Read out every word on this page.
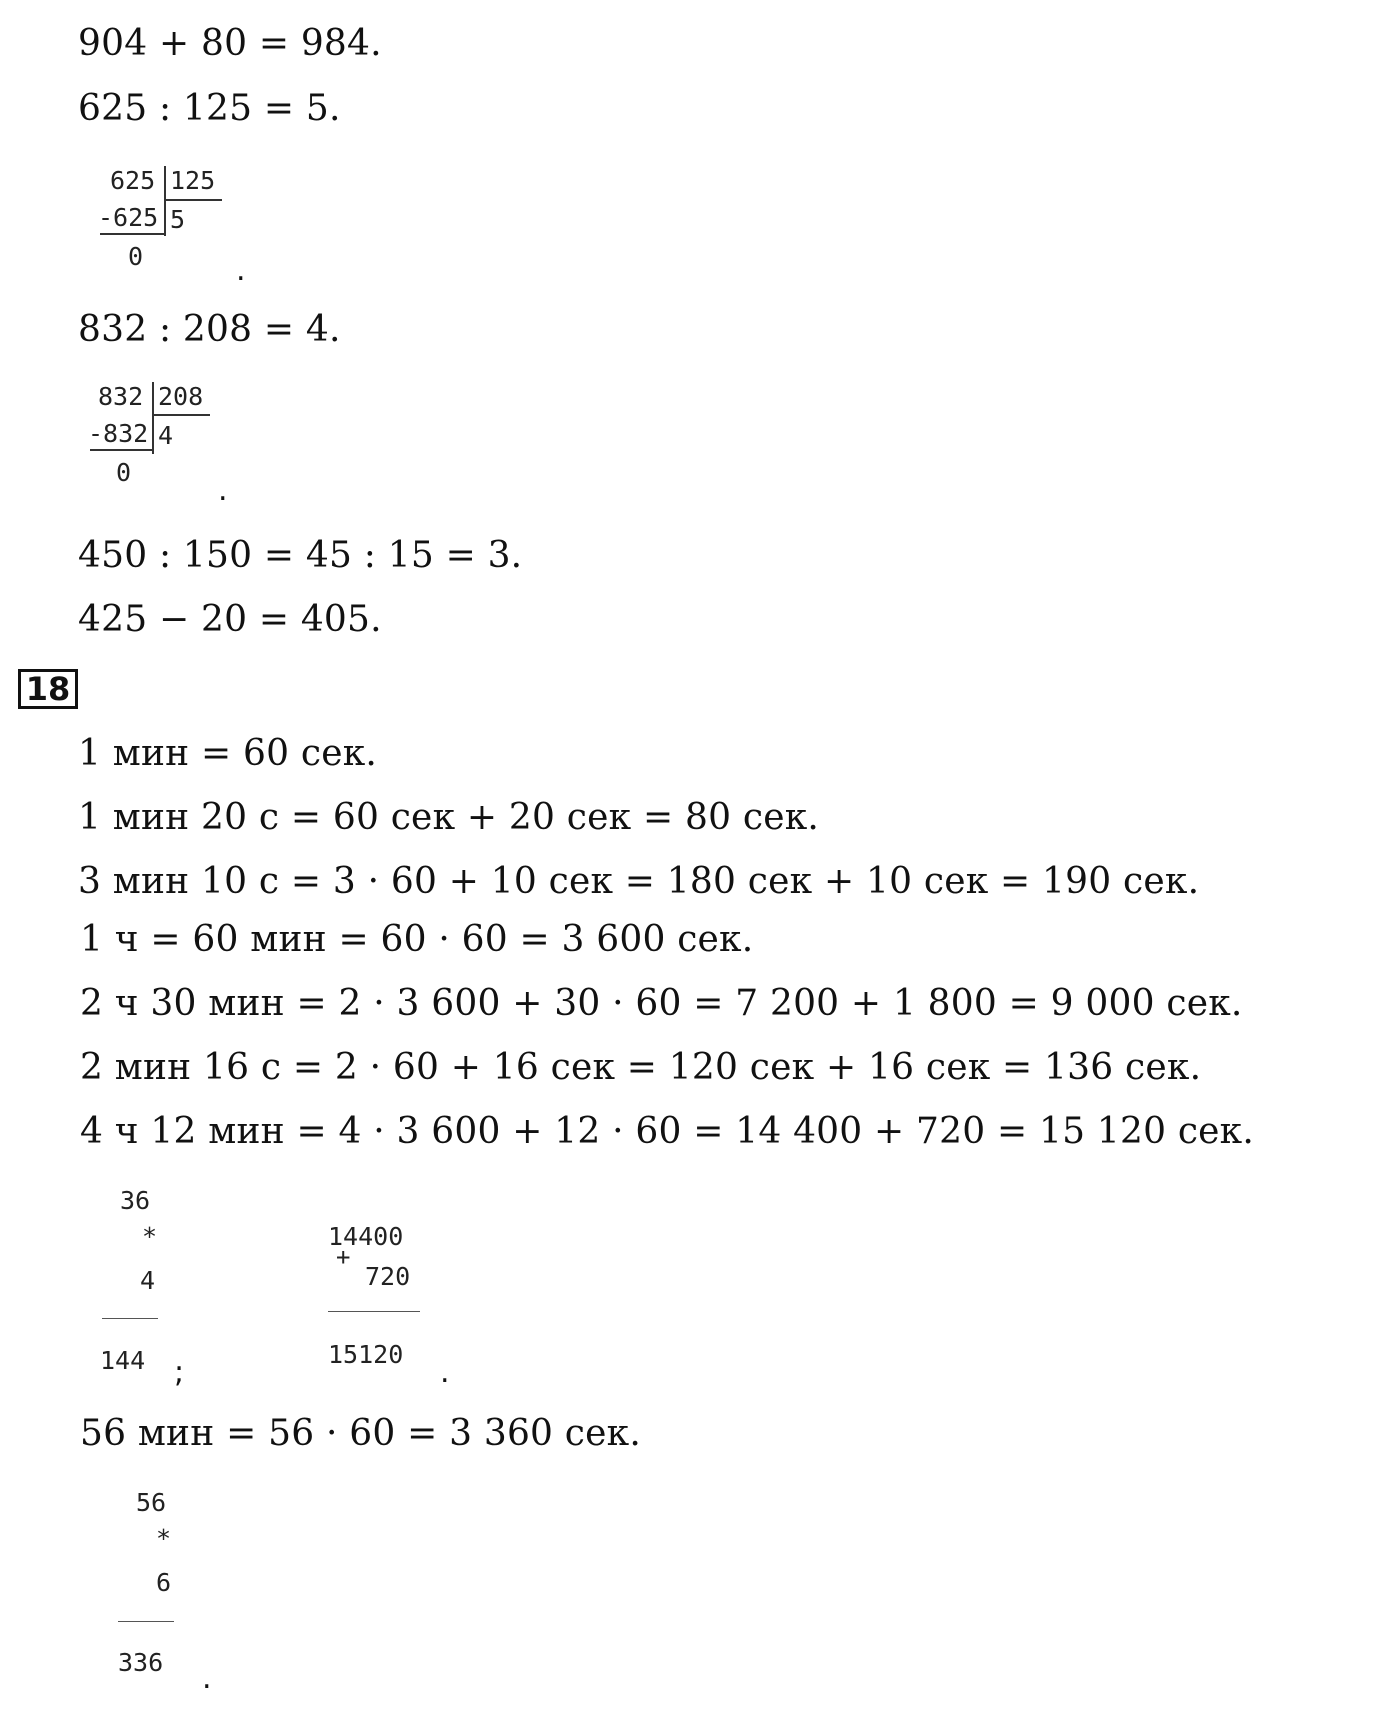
904 + 80 = 984.
625 : 125 = 5.
625 125
-625 5
0	.
832 : 208 = 4.
832 208
-832 4
0
.
450 : 150 = 45 : 15 = 3.
425 − 20 = 405.
18
1 мин = 60 сек.
1 мин 20 с = 60 сек + 20 сек = 80 сек.
3 мин 10 с = 3 · 60 + 10 сек = 180 сек + 10 сек = 190 сек.
1 ч = 60 мин = 60 · 60 = 3 600 сек.
2 ч 30 мин = 2 · 3 600 + 30 · 60 = 7 200 + 1 800 = 9 000 сек.
2 мин 16 с = 2 · 60 + 16 сек = 120 сек + 16 сек = 136 сек.
4 ч 12 мин = 4 · 3 600 + 12 · 60 = 14 400 + 720 = 15 120 сек.
36
*
4
144 ;
14400
+
720
15120
.
56 мин = 56 · 60 = 3 360 сек.
56
*
6
336 .
